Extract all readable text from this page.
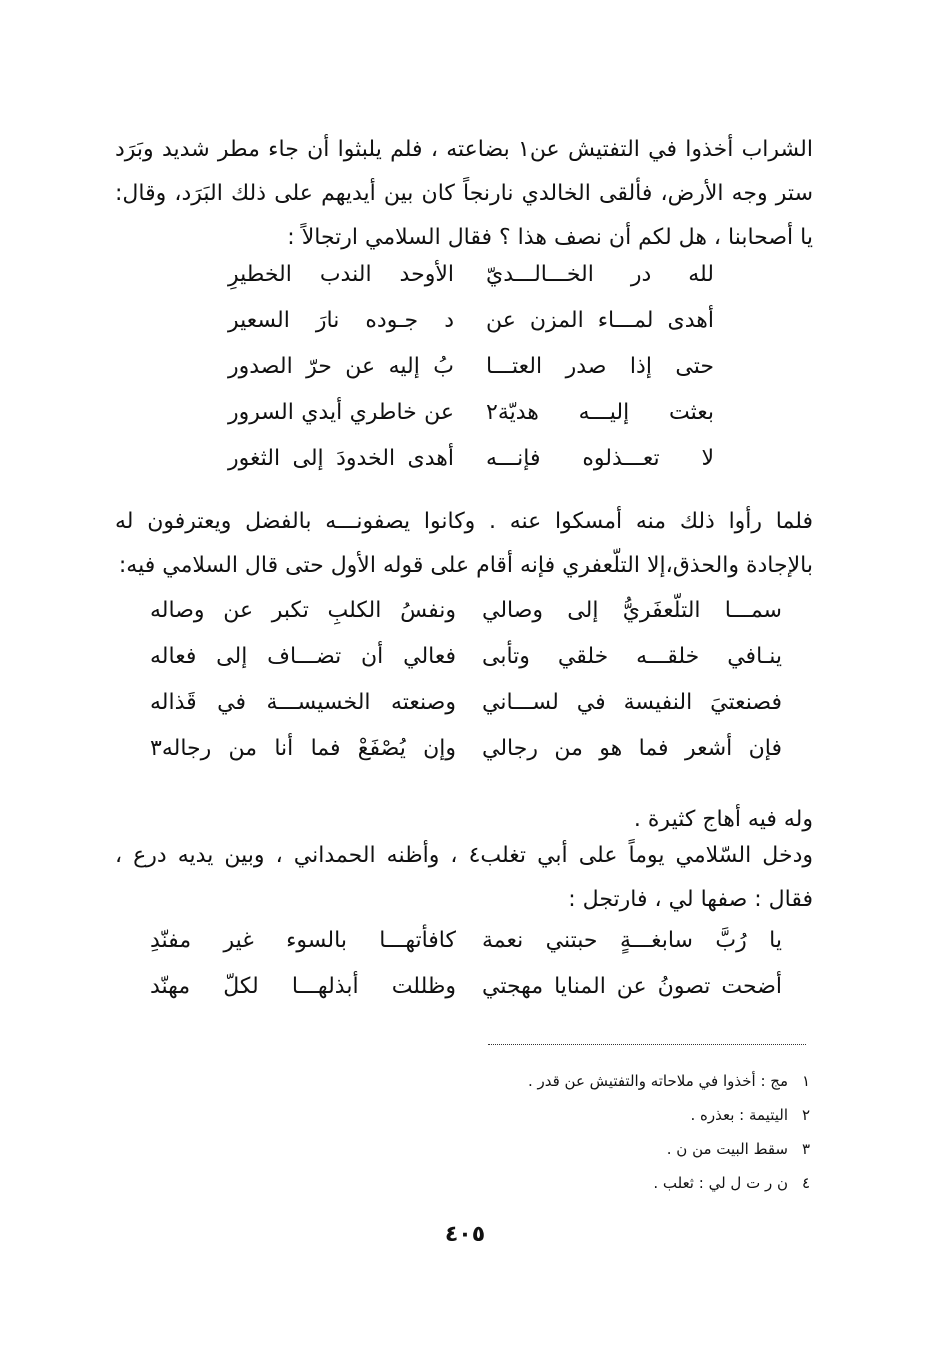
الشراب أخذوا في التفتيش عن١ بضاعته ، فلم يلبثوا أن جاء مطر شديد وبَرَد
ستر وجه الأرض، فألقى الخالدي نارنجاً كان بين أيديهم على ذلك البَرَد، وقال:
يا أصحابنا ، هل لكم أن نصف هذا ؟ فقال السلامي ارتجالاً :
لله در الخـــالـــديّ
الأوحد الندب الخطيرِ
أهدى لمـــاء المزن عن
د جـوده نارَ السعير
حتى إذا صدر العتـــا
بُ إليه عن حرّ الصدور
بعثت إليـــه هديّة٢
عن خاطري أيدي السرور
لا تعـــذلوه فإنـــه
أهدى الخدودَ إلى الثغور
فلما رأوا ذلك منه أمسكوا عنه . وكانوا يصفونـــه بالفضل ويعترفون له
بالإجادة والحذق،إلا التلّعفري فإنه أقام على قوله الأول حتى قال السلامي فيه:
سمـــا التلّعفَريُّ إلى وصالي
ونفسُ الكلبِ تكبر عن وصاله
ينـافي خلقـــه خلقي وتأبى
فعالي أن تضـــاف إلى فعاله
فصنعتيَ النفيسة في لســـاني
وصنعته الخسيســـة في قَذاله
فإن أشعر فما هو من رجالي
وإن يُصْفَعْ فما أنا من رجاله٣
وله فيه أهاج كثيرة .
ودخل السّلامي يوماً على أبي تغلب٤ ، وأظنه الحمداني ، وبين يديه درع ،
فقال : صفها لي ، فارتجل :
يا رُبَّ سابغـــةٍ حبتني نعمة
كافأتهـــا بالسوء غير مفنّدِ
أضحت تصونُ عن المنايا مهجتي
وظللت أبذلهـــا لكلّ مهنّد
١مج : أخذوا في ملاحاته والتفتيش عن قدر .
٢اليتيمة : بعذره .
٣سقط البيت من ن .
٤ن ر ت ل لي : ثعلب .
٤٠٥
